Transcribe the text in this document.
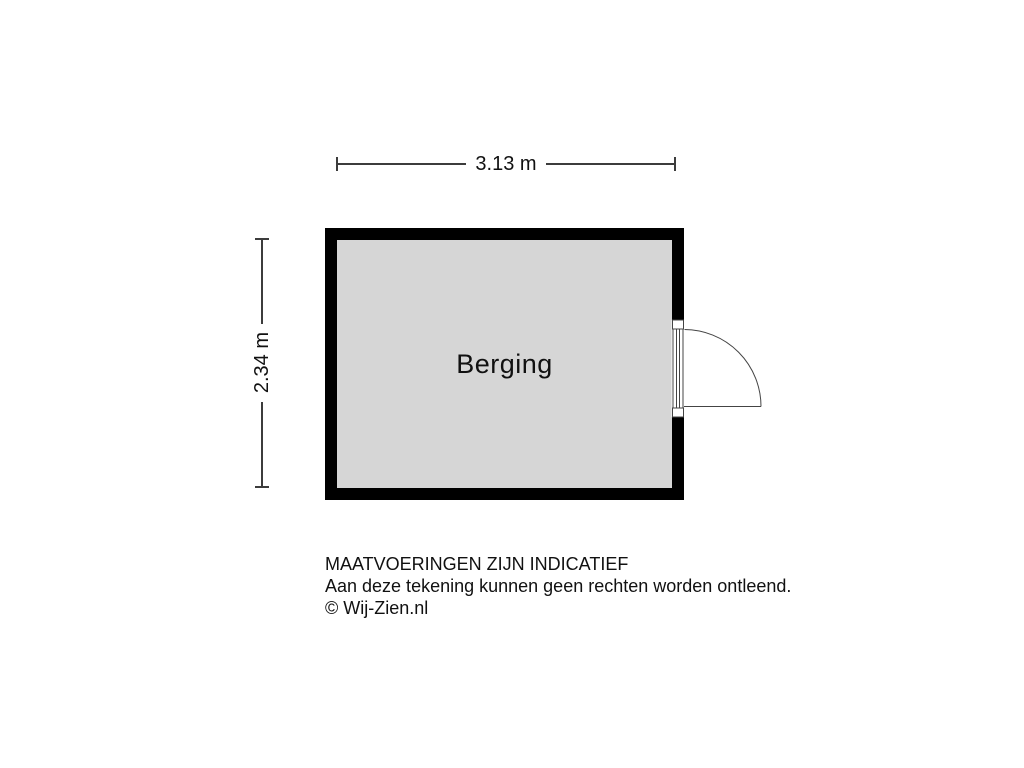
3.13 m
2.34 m	Berging
MAATVOERINGEN ZIJN INDICATIEF
Aan deze tekening kunnen geen rechten worden ontleend.
© Wij-Zien.nl
